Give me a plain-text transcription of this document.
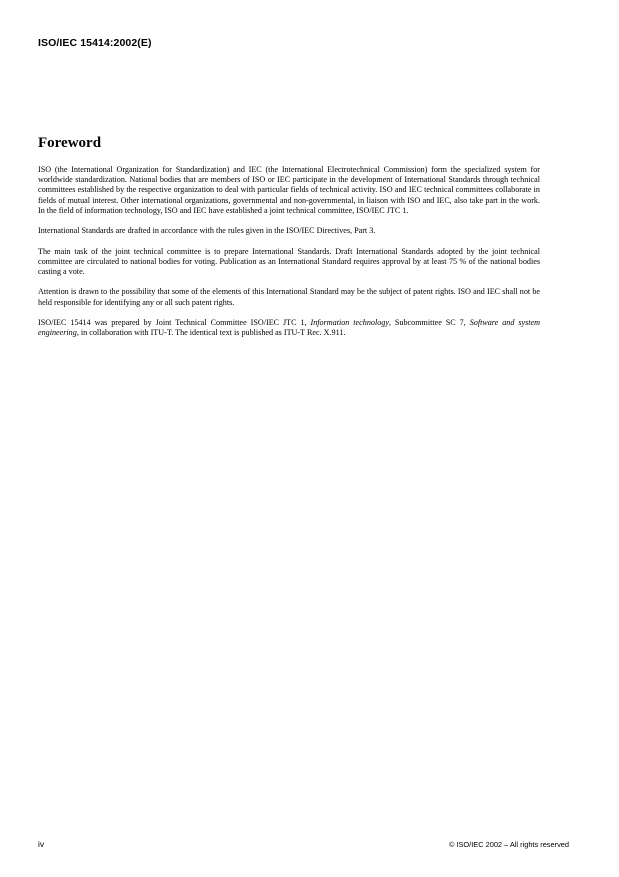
ISO/IEC 15414:2002(E)
Foreword

ISO (the International Organization for Standardization) and IEC (the International Electrotechnical Commission) form the specialized system for worldwide standardization. National bodies that are members of ISO or IEC participate in the development of International Standards through technical committees established by the respective organization to deal with particular fields of technical activity. ISO and IEC technical committees collaborate in fields of mutual interest. Other international organizations, governmental and non-governmental, in liaison with ISO and IEC, also take part in the work. In the field of information technology, ISO and IEC have established a joint technical committee, ISO/IEC JTC 1.

International Standards are drafted in accordance with the rules given in the ISO/IEC Directives, Part 3.

The main task of the joint technical committee is to prepare International Standards. Draft International Standards adopted by the joint technical committee are circulated to national bodies for voting. Publication as an International Standard requires approval by at least 75 % of the national bodies casting a vote.

Attention is drawn to the possibility that some of the elements of this International Standard may be the subject of patent rights. ISO and IEC shall not be held responsible for identifying any or all such patent rights.

ISO/IEC 15414 was prepared by Joint Technical Committee ISO/IEC JTC 1, Information technology, Subcommittee SC 7, Software and system engineering, in collaboration with ITU-T. The identical text is published as ITU-T Rec. X.911.

iv	© ISO/IEC 2002 – All rights reserved
